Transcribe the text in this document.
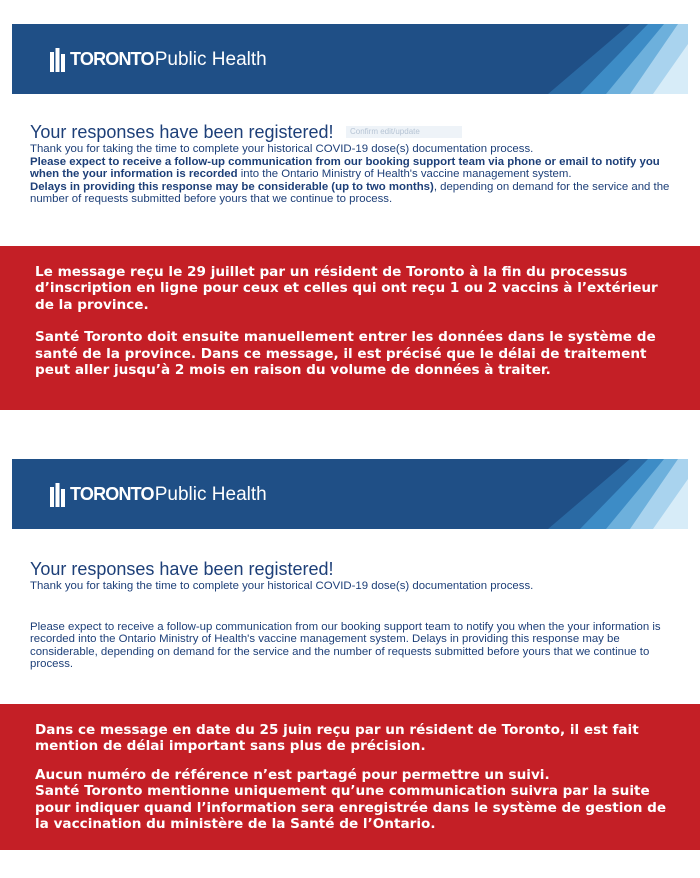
TORONTOPublic Health
Your responses have been registered!	Confirm edit/update

Thank you for taking the time to complete your historical COVID-19 dose(s) documentation process.

Please expect to receive a follow-up communication from our booking support team via phone or email to notify you when the your information is recorded into the Ontario Ministry of Health's vaccine management system.

Delays in providing this response may be considerable (up to two months), depending on demand for the service and the number of requests submitted before yours that we continue to process.

Le message reçu le 29 juillet par un résident de Toronto à la fin du processus d’inscription en ligne pour ceux et celles qui ont reçu 1 ou 2 vaccins à l’extérieur de la province.

Santé Toronto doit ensuite manuellement entrer les données dans le système de santé de la province. Dans ce message, il est précisé que le délai de traitement peut aller jusqu’à 2 mois en raison du volume de données à traiter.

TORONTOPublic Health
Your responses have been registered!

Thank you for taking the time to complete your historical COVID-19 dose(s) documentation process.

Please expect to receive a follow-up communication from our booking support team to notify you when the your information is recorded into the Ontario Ministry of Health's vaccine management system. Delays in providing this response may be considerable, depending on demand for the service and the number of requests submitted before yours that we continue to process.

Dans ce message en date du 25 juin reçu par un résident de Toronto, il est fait mention de délai important sans plus de précision.

Aucun numéro de référence n’est partagé pour permettre un suivi.

Santé Toronto mentionne uniquement qu’une communication suivra par la suite pour indiquer quand l’information sera enregistrée dans le système de gestion de la vaccination du ministère de la Santé de l’Ontario.
